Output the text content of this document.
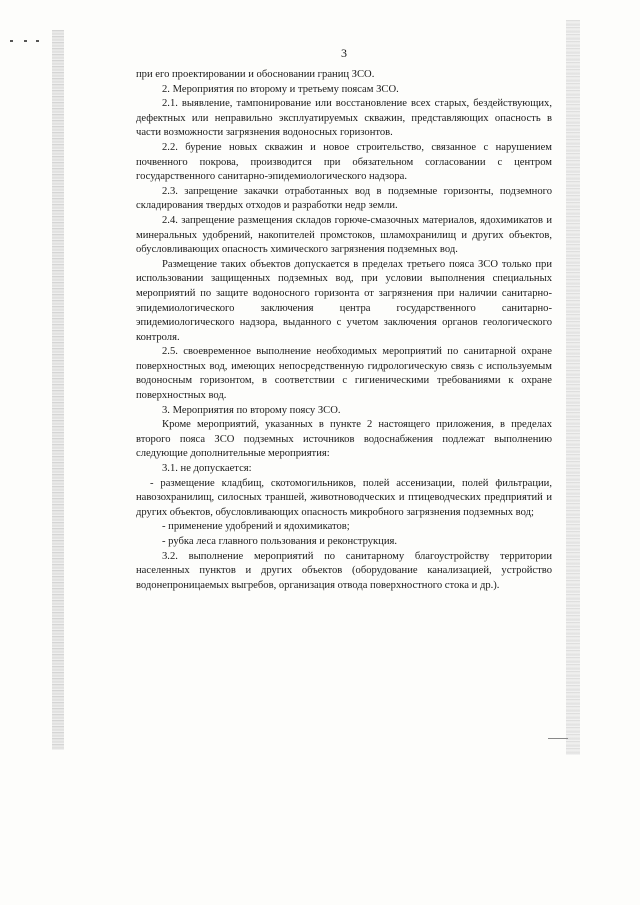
3

при его проектировании и обосновании границ ЗСО.

2. Мероприятия по второму и третьему поясам ЗСО.

2.1. выявление, тампонирование или восстановление всех старых, бездействующих, дефектных или неправильно эксплуатируемых скважин, представляющих опасность в части возможности загрязнения водоносных горизонтов.

2.2. бурение новых скважин и новое строительство, связанное с нарушением почвенного покрова, производится при обязательном согласовании с центром государственного санитарно-эпидемиологического надзора.

2.3. запрещение закачки отработанных вод в подземные горизонты, подземного складирования твердых отходов и разработки недр земли.

2.4. запрещение размещения складов горюче-смазочных материалов, ядохимикатов и минеральных удобрений, накопителей промстоков, шламохранилищ и других объектов, обусловливающих опасность химического загрязнения подземных вод.

Размещение таких объектов допускается в пределах третьего пояса ЗСО только при использовании защищенных подземных вод, при условии выполнения специальных мероприятий по защите водоносного горизонта от загрязнения при наличии санитарно-эпидемиологического заключения центра государственного санитарно-эпидемиологического надзора, выданного с учетом заключения органов геологического контроля.

2.5. своевременное выполнение необходимых мероприятий по санитарной охране поверхностных вод, имеющих непосредственную гидрологическую связь с используемым водоносным горизонтом, в соответствии с гигиеническими требованиями к охране поверхностных вод.

3. Мероприятия по второму поясу ЗСО.

Кроме мероприятий, указанных в пункте 2 настоящего приложения, в пределах второго пояса ЗСО подземных источников водоснабжения подлежат выполнению следующие дополнительные мероприятия:

3.1. не допускается:

- размещение кладбищ, скотомогильников, полей ассенизации, полей фильтрации, навозохранилищ, силосных траншей, животноводческих и птицеводческих предприятий и других объектов, обусловливающих опасность микробного загрязнения подземных вод;

- применение удобрений и ядохимикатов;

- рубка леса главного пользования и реконструкция.

3.2. выполнение мероприятий по санитарному благоустройству территории населенных пунктов и других объектов (оборудование канализацией, устройство водонепроницаемых выгребов, организация отвода поверхностного стока и др.).
